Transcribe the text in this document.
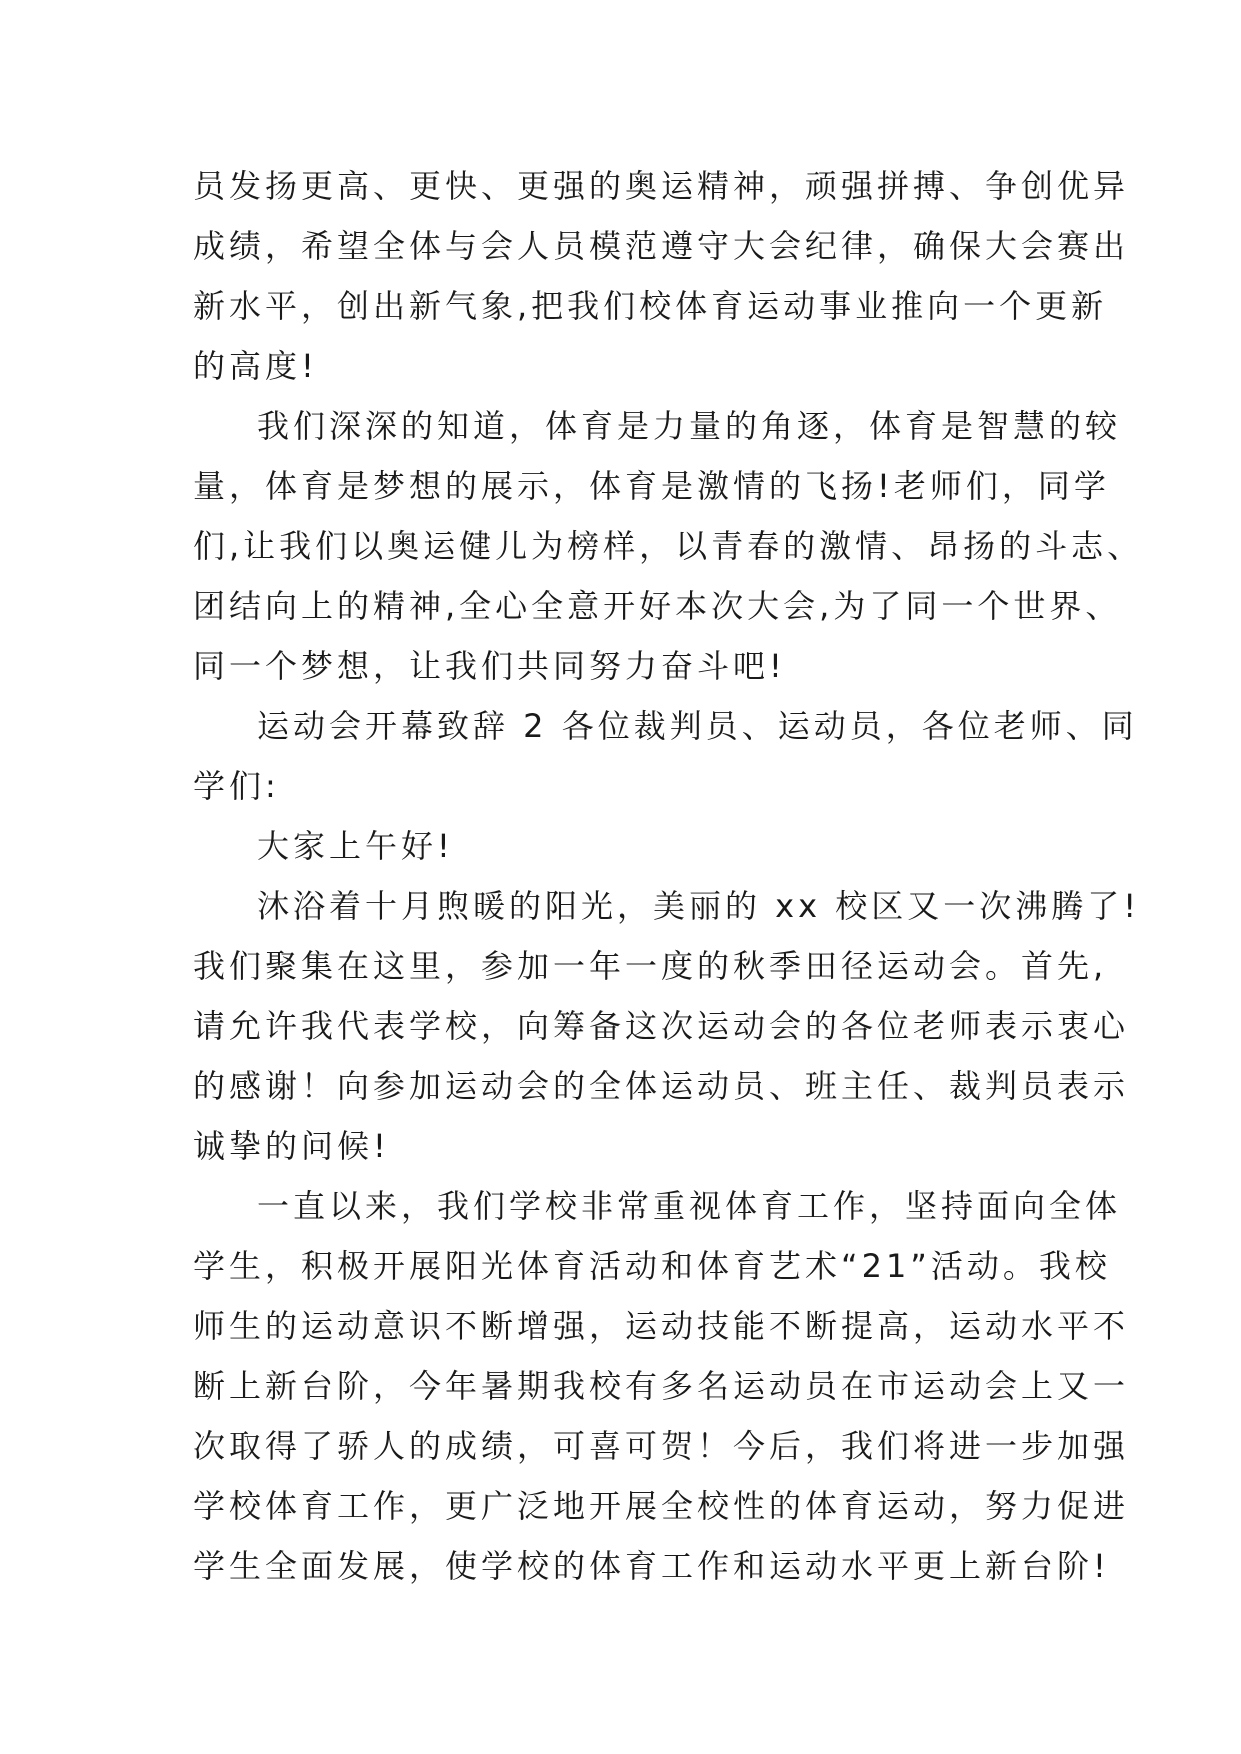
员发扬更高、更快、更强的奥运精神，顽强拼搏、争创优异
成绩，希望全体与会人员模范遵守大会纪律，确保大会赛出
新水平，创出新气象,把我们校体育运动事业推向一个更新
的高度!
我们深深的知道，体育是力量的角逐，体育是智慧的较
量，体育是梦想的展示，体育是激情的飞扬!老师们，同学
们,让我们以奥运健儿为榜样，以青春的激情、昂扬的斗志、
团结向上的精神,全心全意开好本次大会,为了同一个世界、
同一个梦想，让我们共同努力奋斗吧!
运动会开幕致辞 2 各位裁判员、运动员，各位老师、同
学们:
大家上午好!
沐浴着十月煦暖的阳光，美丽的 xx 校区又一次沸腾了!
我们聚集在这里，参加一年一度的秋季田径运动会。首先,
请允许我代表学校，向筹备这次运动会的各位老师表示衷心
的感谢！向参加运动会的全体运动员、班主任、裁判员表示
诚挚的问候!
一直以来，我们学校非常重视体育工作，坚持面向全体
学生，积极开展阳光体育活动和体育艺术“21”活动。我校
师生的运动意识不断增强，运动技能不断提高，运动水平不
断上新台阶，今年暑期我校有多名运动员在市运动会上又一
次取得了骄人的成绩，可喜可贺！今后，我们将进一步加强
学校体育工作，更广泛地开展全校性的体育运动，努力促进
学生全面发展，使学校的体育工作和运动水平更上新台阶!
